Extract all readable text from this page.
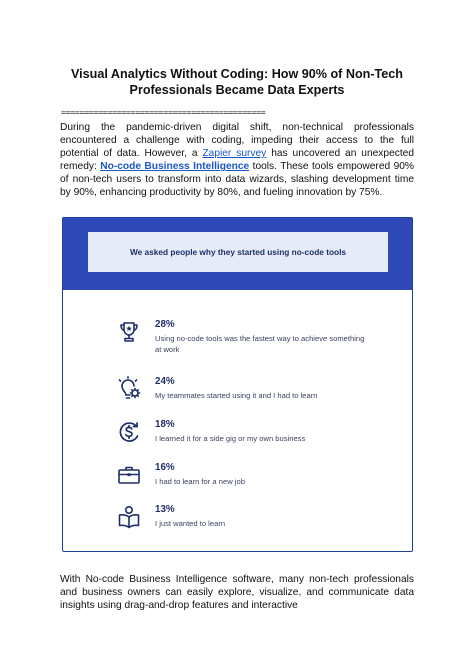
Visual Analytics Without Coding: How 90% of Non-Tech Professionals Became Data Experts
============================================
During the pandemic-driven digital shift, non-technical professionals encountered a challenge with coding, impeding their access to the full potential of data. However, a Zapier survey has uncovered an unexpected remedy: No-code Business Intelligence tools. These tools empowered 90% of non-tech users to transform into data wizards, slashing development time by 90%, enhancing productivity by 80%, and fueling innovation by 75%.
We asked people why they started using no-code tools
28%
Using no-code tools was the fastest way to achieve something at work
24%
My teammates started using it and I had to learn
18%
I learned it for a side gig or my own business
16%
I had to learn for a new job
13%
I just wanted to learn
With No-code Business Intelligence software, many non-tech professionals and business owners can easily explore, visualize, and communicate data insights using drag-and-drop features and interactive
